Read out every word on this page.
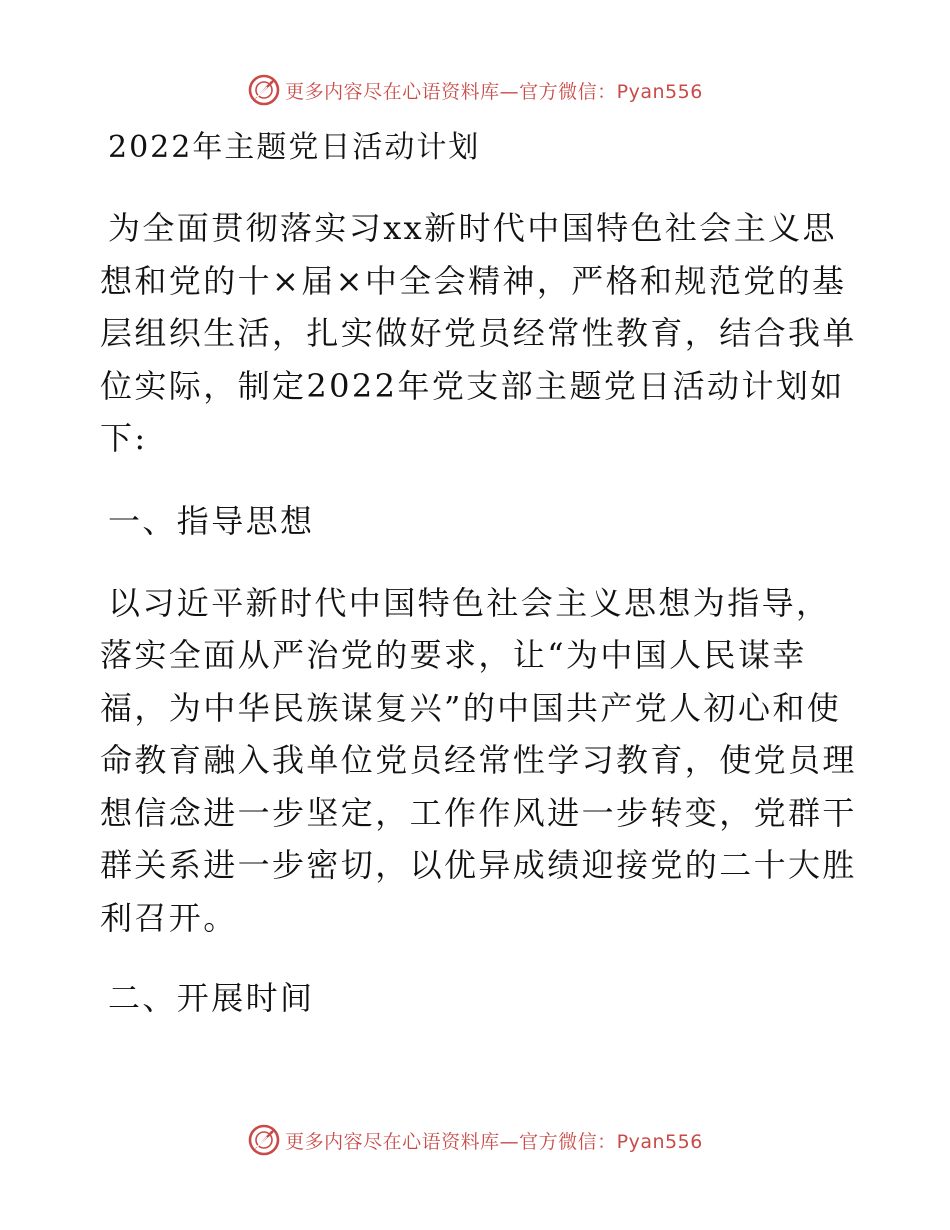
更多内容尽在心语资料库—官方微信：Pyan556
2022年主题党日活动计划
为全面贯彻落实习xx新时代中国特色社会主义思
想和党的十×届×中全会精神，严格和规范党的基
层组织生活，扎实做好党员经常性教育，结合我单
位实际，制定2022年党支部主题党日活动计划如
下:
一、指导思想
以习近平新时代中国特色社会主义思想为指导，
落实全面从严治党的要求，让“为中国人民谋幸
福，为中华民族谋复兴”的中国共产党人初心和使
命教育融入我单位党员经常性学习教育，使党员理
想信念进一步坚定，工作作风进一步转变，党群干
群关系进一步密切，以优异成绩迎接党的二十大胜
利召开。
二、开展时间
更多内容尽在心语资料库—官方微信：Pyan556
